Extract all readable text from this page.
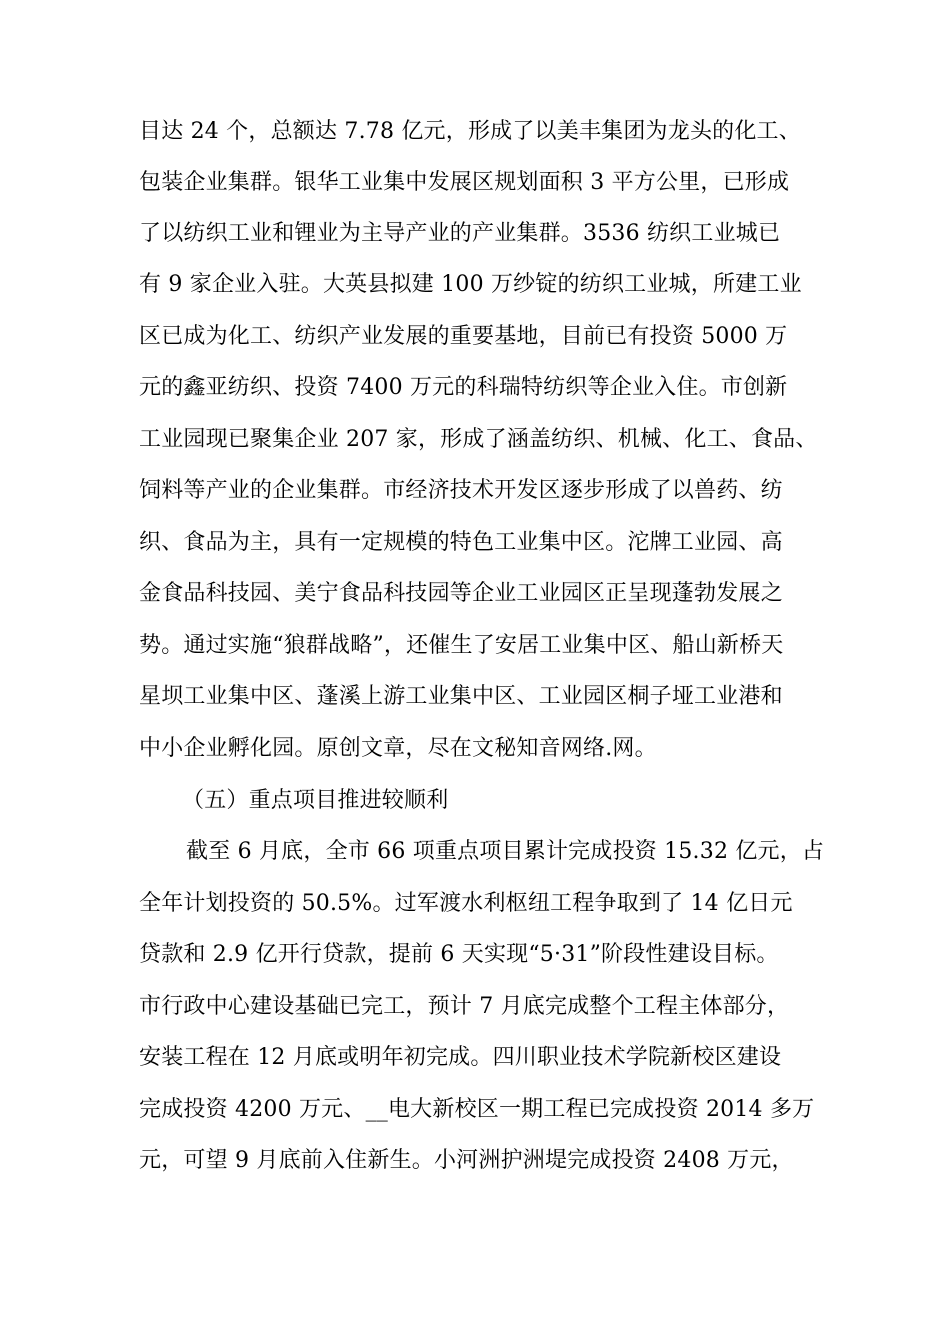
目达 24 个，总额达 7.78 亿元，形成了以美丰集团为龙头的化工、
包装企业集群。银华工业集中发展区规划面积 3 平方公里，已形成
了以纺织工业和锂业为主导产业的产业集群。3536 纺织工业城已
有 9 家企业入驻。大英县拟建 100 万纱锭的纺织工业城，所建工业
区已成为化工、纺织产业发展的重要基地，目前已有投资 5000 万
元的鑫亚纺织、投资 7400 万元的科瑞特纺织等企业入住。市创新
工业园现已聚集企业 207 家，形成了涵盖纺织、机械、化工、食品、
饲料等产业的企业集群。市经济技术开发区逐步形成了以兽药、纺
织、食品为主，具有一定规模的特色工业集中区。沱牌工业园、高
金食品科技园、美宁食品科技园等企业工业园区正呈现蓬勃发展之
势。通过实施“狼群战略”，还催生了安居工业集中区、船山新桥天
星坝工业集中区、蓬溪上游工业集中区、工业园区桐子垭工业港和
中小企业孵化园。原创文章，尽在文秘知音网络.网。
（五）重点项目推进较顺利
截至 6 月底，全市 66 项重点项目累计完成投资 15.32 亿元，占
全年计划投资的 50.5%。过军渡水利枢纽工程争取到了 14 亿日元
贷款和 2.9 亿开行贷款，提前 6 天实现“5·31”阶段性建设目标。
市行政中心建设基础已完工，预计 7 月底完成整个工程主体部分，
安装工程在 12 月底或明年初完成。四川职业技术学院新校区建设
完成投资 4200 万元、__电大新校区一期工程已完成投资 2014 多万
元，可望 9 月底前入住新生。小河洲护洲堤完成投资 2408 万元，
